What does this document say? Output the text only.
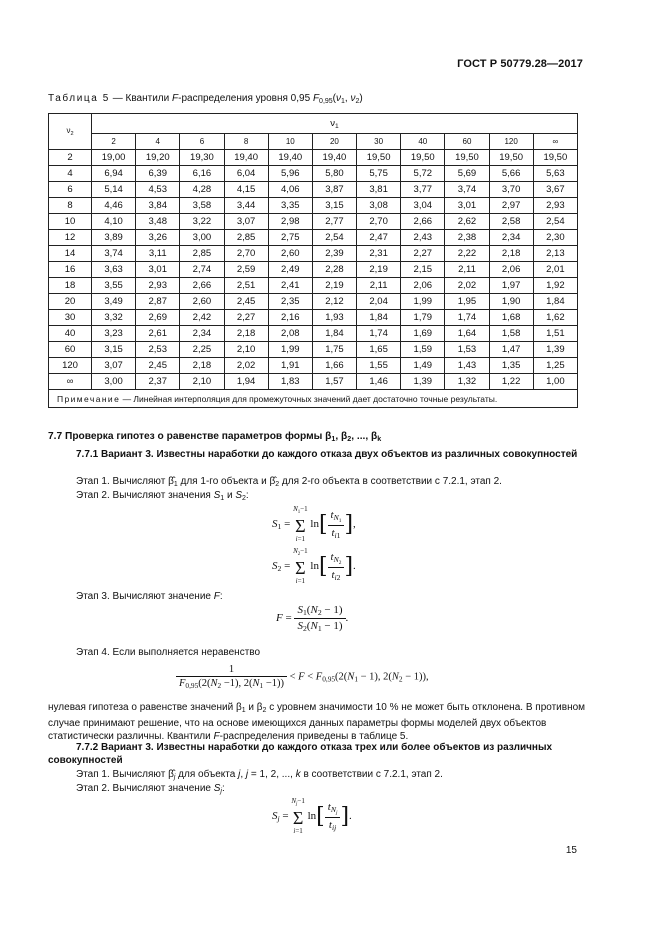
ГОСТ Р 50779.28—2017
Таблица 5 — Квантили F-распределения уровня 0,95 $F_{0,95}(\nu_1$, $\nu_2$)
$\nu_2$	$\nu_1$
	2	4	6	8	10	20	30	40	60	120	∞
2	19,00	19,20	19,30	19,40	19,40	19,40	19,50	19,50	19,50	19,50	19,50
4	6,94	6,39	6,16	6,04	5,96	5,80	5,75	5,72	5,69	5,66	5,63
6	5,14	4,53	4,28	4,15	4,06	3,87	3,81	3,77	3,74	3,70	3,67
8	4,46	3,84	3,58	3,44	3,35	3,15	3,08	3,04	3,01	2,97	2,93
10	4,10	3,48	3,22	3,07	2,98	2,77	2,70	2,66	2,62	2,58	2,54
12	3,89	3,26	3,00	2,85	2,75	2,54	2,47	2,43	2,38	2,34	2,30
14	3,74	3,11	2,85	2,70	2,60	2,39	2,31	2,27	2,22	2,18	2,13
16	3,63	3,01	2,74	2,59	2,49	2,28	2,19	2,15	2,11	2,06	2,01
18	3,55	2,93	2,66	2,51	2,41	2,19	2,11	2,06	2,02	1,97	1,92
20	3,49	2,87	2,60	2,45	2,35	2,12	2,04	1,99	1,95	1,90	1,84
30	3,32	2,69	2,42	2,27	2,16	1,93	1,84	1,79	1,74	1,68	1,62
40	3,23	2,61	2,34	2,18	2,08	1,84	1,74	1,69	1,64	1,58	1,51
60	3,15	2,53	2,25	2,10	1,99	1,75	1,65	1,59	1,53	1,47	1,39
120	3,07	2,45	2,18	2,02	1,91	1,66	1,55	1,49	1,43	1,35	1,25
∞	3,00	2,37	2,10	1,94	1,83	1,57	1,46	1,39	1,32	1,22	1,00
Примечание — Линейная интерполяция для промежуточных значений дает достаточно точные результаты.											
7.7 Проверка гипотез о равенстве параметров формы $\beta_1$, $\beta_2$, ..., $\beta_k$
7.7.1 Вариант 3. Известны наработки до каждого отказа двух объектов из различных совокупностей
Этап 1. Вычисляют $\betâ_1$ для 1-го объекта и $\betâ_2$ для 2-го объекта в соответствии с 7.2.1, этап 2.
Этап 2. Вычисляют значения $S_1$ и $S_2$:
$S_1 = N_1-1$
Σ
i=1 $\ln[ \frac{t_{N_1}}{t_{i1}}$ ],
$S_2 = N_2-1$
Σ
i=1 $\ln[ \frac{t_{N_2}}{t_{i2}}$ ].
Этап 3. Вычисляют значение F:
$F = \frac{S_1(N_2 - 1)}{S_2(N_1 - 1)}$ .
Этап 4. Если выполняется неравенство
$\frac{1}{F_{0,95}(2(N_2 -1), 2(N_1 -1))} < F < F_{0,95}(2(N_1 - 1)$, $2(N_2 - 1)$),
нулевая гипотеза о равенстве значений $\beta_1$ и $\beta_2$ с уровнем значимости 10 % не может быть отклонена. В противном случае принимают решение, что на основе имеющихся данных параметры формы моделей двух объектов статистически различны. Квантили F-распределения приведены в таблице 5.
7.7.2 Вариант 3. Известны наработки до каждого отказа трех или более объектов из различных совокупностей
Этап 1. Вычисляют $\betâ_j$ для объекта j, j = 1, 2, ..., k в соответствии с 7.2.1, этап 2.
Этап 2. Вычисляют значение $S_j$:
$S_j = N_j-1$
Σ
i=1 $\ln[ \frac{t_{N_j}}{t_{ij}}$ ].
15
